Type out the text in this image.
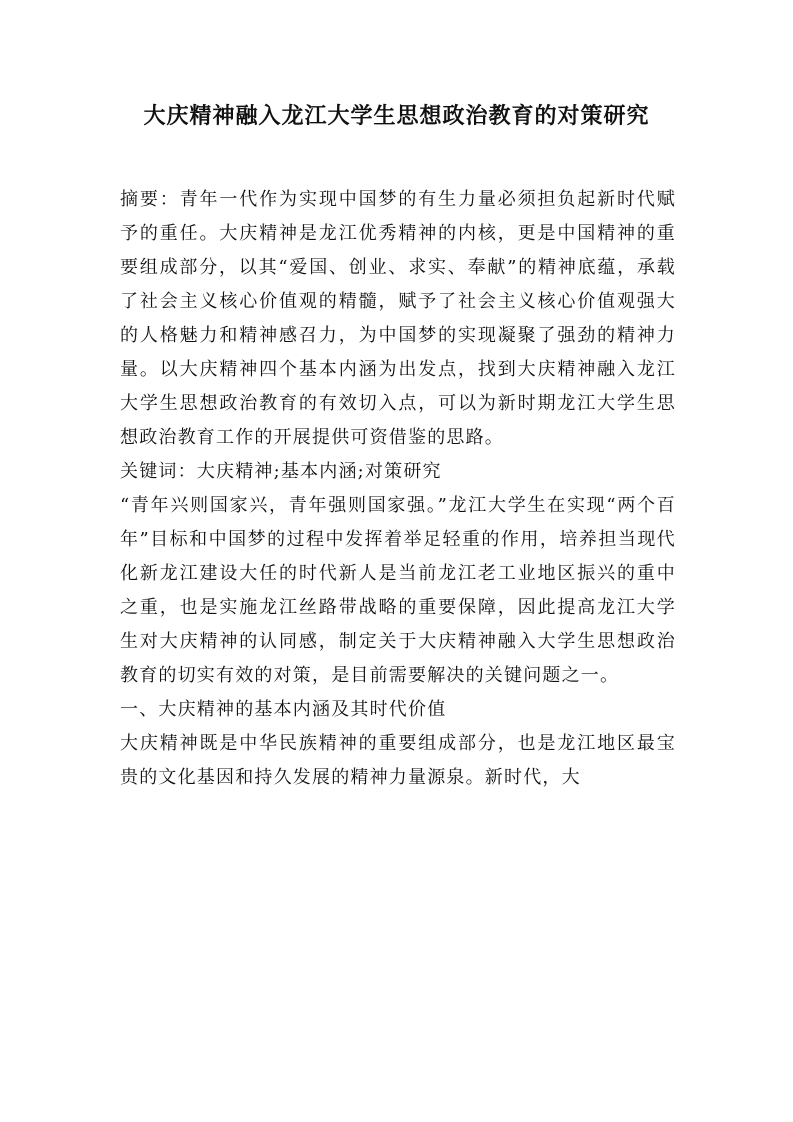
大庆精神融入龙江大学生思想政治教育的对策研究

摘要：青年一代作为实现中国梦的有生力量必须担负起新时代赋予的重任。大庆精神是龙江优秀精神的内核，更是中国精神的重要组成部分，以其“爱国、创业、求实、奉献”的精神底蕴，承载了社会主义核心价值观的精髓，赋予了社会主义核心价值观强大的人格魅力和精神感召力，为中国梦的实现凝聚了强劲的精神力量。以大庆精神四个基本内涵为出发点，找到大庆精神融入龙江大学生思想政治教育的有效切入点，可以为新时期龙江大学生思想政治教育工作的开展提供可资借鉴的思路。

关键词：大庆精神;基本内涵;对策研究

“青年兴则国家兴，青年强则国家强。”龙江大学生在实现“两个百年”目标和中国梦的过程中发挥着举足轻重的作用，培养担当现代化新龙江建设大任的时代新人是当前龙江老工业地区振兴的重中之重，也是实施龙江丝路带战略的重要保障，因此提高龙江大学生对大庆精神的认同感，制定关于大庆精神融入大学生思想政治教育的切实有效的对策，是目前需要解决的关键问题之一。

一、大庆精神的基本内涵及其时代价值

大庆精神既是中华民族精神的重要组成部分，也是龙江地区最宝贵的文化基因和持久发展的精神力量源泉。新时代，大
